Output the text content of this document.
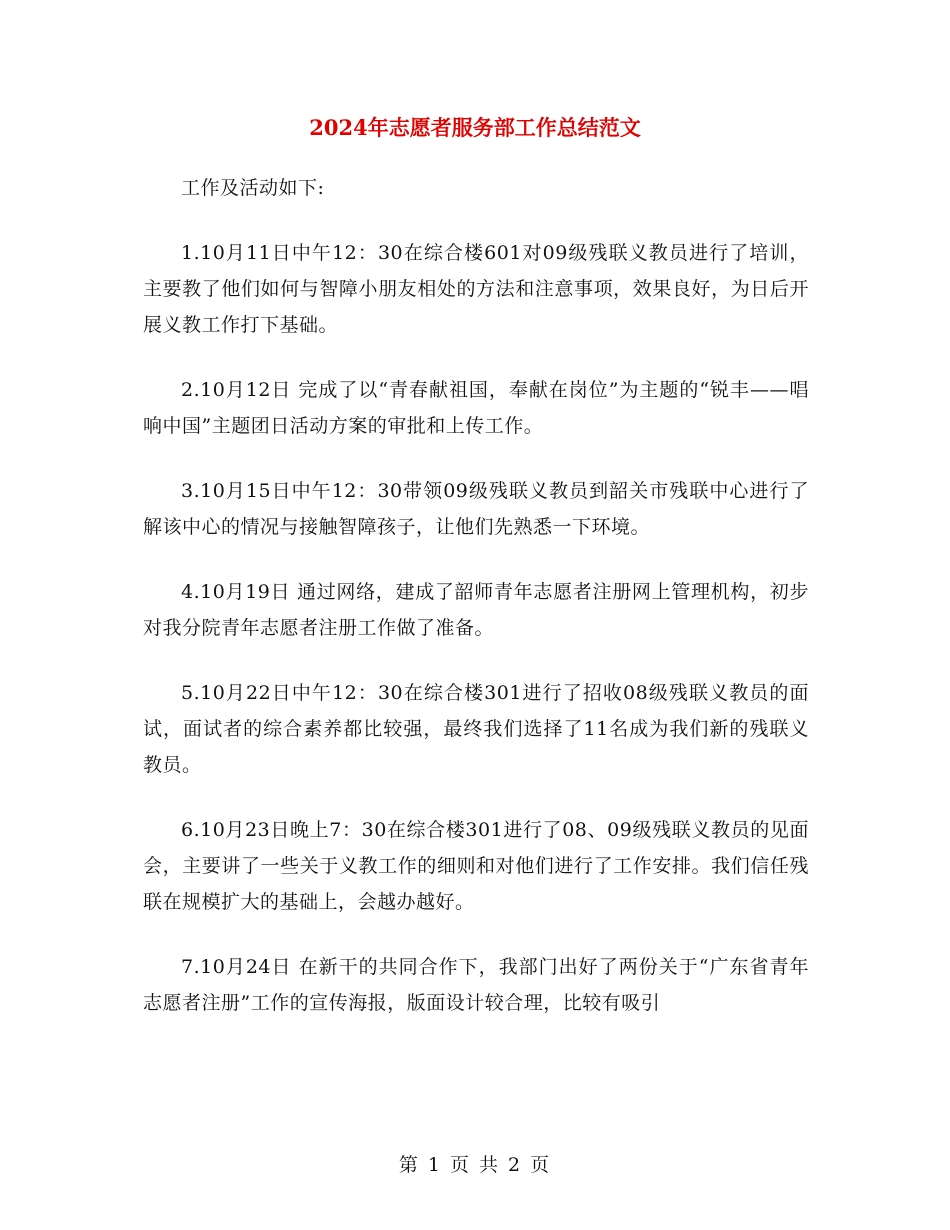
2024年志愿者服务部工作总结范文

工作及活动如下:

1.10月11日中午12：30在综合楼601对09级残联义教员进行了培训，主要教了他们如何与智障小朋友相处的方法和注意事项，效果良好，为日后开展义教工作打下基础。

2.10月12日 完成了以“青春献祖国，奉献在岗位”为主题的“锐丰——唱响中国”主题团日活动方案的审批和上传工作。

3.10月15日中午12：30带领09级残联义教员到韶关市残联中心进行了解该中心的情况与接触智障孩子，让他们先熟悉一下环境。

4.10月19日 通过网络，建成了韶师青年志愿者注册网上管理机构，初步对我分院青年志愿者注册工作做了准备。

5.10月22日中午12：30在综合楼301进行了招收08级残联义教员的面试，面试者的综合素养都比较强，最终我们选择了11名成为我们新的残联义教员。

6.10月23日晚上7：30在综合楼301进行了08、09级残联义教员的见面会，主要讲了一些关于义教工作的细则和对他们进行了工作安排。我们信任残联在规模扩大的基础上，会越办越好。

7.10月24日 在新干的共同合作下，我部门出好了两份关于“广东省青年志愿者注册”工作的宣传海报，版面设计较合理，比较有吸引

第 1 页 共 2 页
